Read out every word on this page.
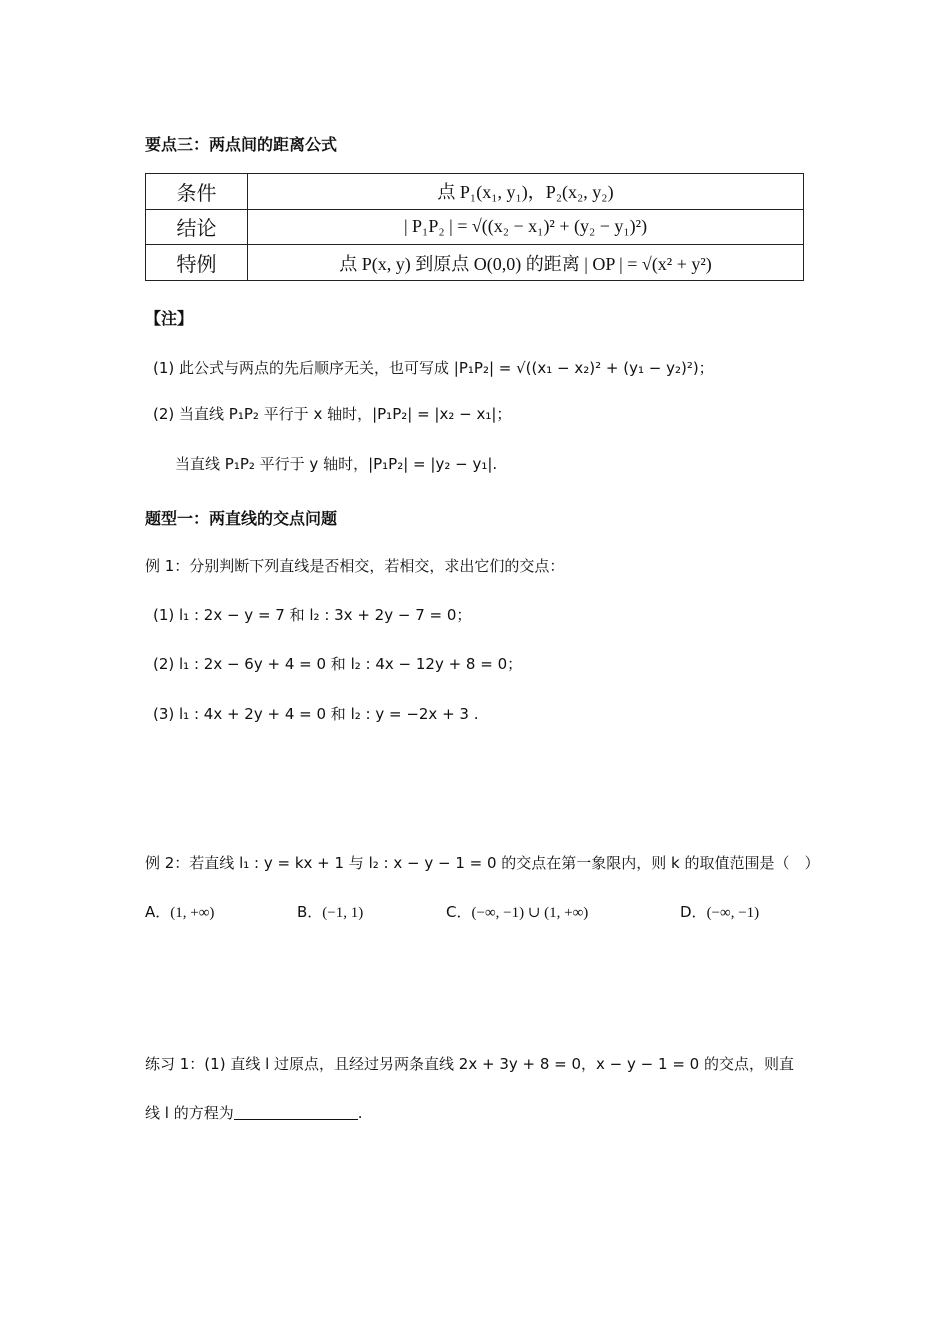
要点三：两点间的距离公式
条件	点 P₁(x₁, y₁)，P₂(x₂, y₂)
结论	| P₁P₂ | = √((x₂ − x₁)² + (y₂ − y₁)²)
特例	点 P(x, y) 到原点 O(0,0) 的距离 | OP | = √(x² + y²)
【注】
(1) 此公式与两点的先后顺序无关，也可写成 |P₁P₂| = √((x₁ − x₂)² + (y₁ − y₂)²)；
(2) 当直线 P₁P₂ 平行于 x 轴时，|P₁P₂| = |x₂ − x₁|；
当直线 P₁P₂ 平行于 y 轴时，|P₁P₂| = |y₂ − y₁|.
题型一：两直线的交点问题
例 1：分别判断下列直线是否相交，若相交，求出它们的交点：
(1) l₁ : 2x − y = 7 和 l₂ : 3x + 2y − 7 = 0；
(2) l₁ : 2x − 6y + 4 = 0 和 l₂ : 4x − 12y + 8 = 0；
(3) l₁ : 4x + 2y + 4 = 0 和 l₂ : y = −2x + 3 .
例 2：若直线 l₁ : y = kx + 1 与 l₂ : x − y − 1 = 0 的交点在第一象限内，则 k 的取值范围是（　）
A．(1, +∞)	B．(−1, 1)	C．(−∞, −1) ∪ (1, +∞)	D．(−∞, −1)
练习 1：(1) 直线 l 过原点，且经过另两条直线 2x + 3y + 8 = 0，x − y − 1 = 0 的交点，则直
线 l 的方程为	.
